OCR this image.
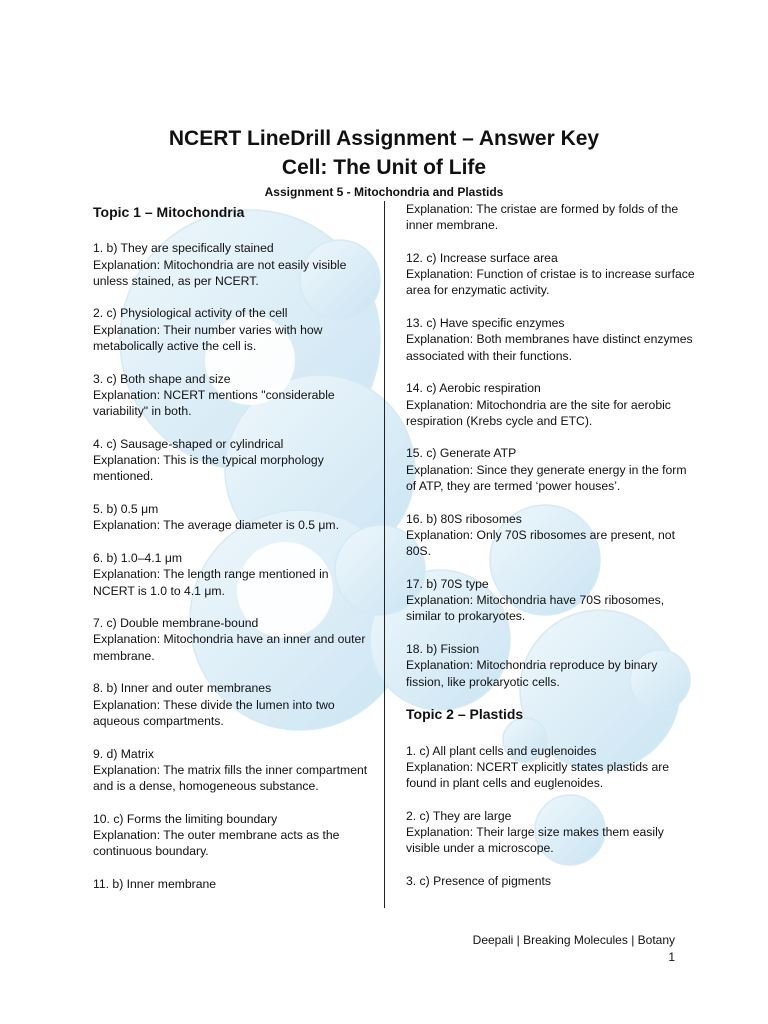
NCERT LineDrill Assignment – Answer Key
Cell: The Unit of Life
Assignment 5 - Mitochondria and Plastids
Topic 1 – Mitochondria
1. b) They are specifically stained
Explanation: Mitochondria are not easily visible unless stained, as per NCERT.
2. c) Physiological activity of the cell
Explanation: Their number varies with how metabolically active the cell is.
3. c) Both shape and size
Explanation: NCERT mentions "considerable variability" in both.
4. c) Sausage-shaped or cylindrical
Explanation: This is the typical morphology mentioned.
5. b) 0.5 μm
Explanation: The average diameter is 0.5 μm.
6. b) 1.0–4.1 μm
Explanation: The length range mentioned in NCERT is 1.0 to 4.1 μm.
7. c) Double membrane-bound
Explanation: Mitochondria have an inner and outer membrane.
8. b) Inner and outer membranes
Explanation: These divide the lumen into two aqueous compartments.
9. d) Matrix
Explanation: The matrix fills the inner compartment and is a dense, homogeneous substance.
10. c) Forms the limiting boundary
Explanation: The outer membrane acts as the continuous boundary.
11. b) Inner membrane
Explanation: The cristae are formed by folds of the inner membrane.
12. c) Increase surface area
Explanation: Function of cristae is to increase surface area for enzymatic activity.
13. c) Have specific enzymes
Explanation: Both membranes have distinct enzymes associated with their functions.
14. c) Aerobic respiration
Explanation: Mitochondria are the site for aerobic respiration (Krebs cycle and ETC).
15. c) Generate ATP
Explanation: Since they generate energy in the form of ATP, they are termed ‘power houses’.
16. b) 80S ribosomes
Explanation: Only 70S ribosomes are present, not 80S.
17. b) 70S type
Explanation: Mitochondria have 70S ribosomes, similar to prokaryotes.
18. b) Fission
Explanation: Mitochondria reproduce by binary fission, like prokaryotic cells.
Topic 2 – Plastids
1. c) All plant cells and euglenoides
Explanation: NCERT explicitly states plastids are found in plant cells and euglenoides.
2. c) They are large
Explanation: Their large size makes them easily visible under a microscope.
3. c) Presence of pigments
Deepali | Breaking Molecules | Botany
1
